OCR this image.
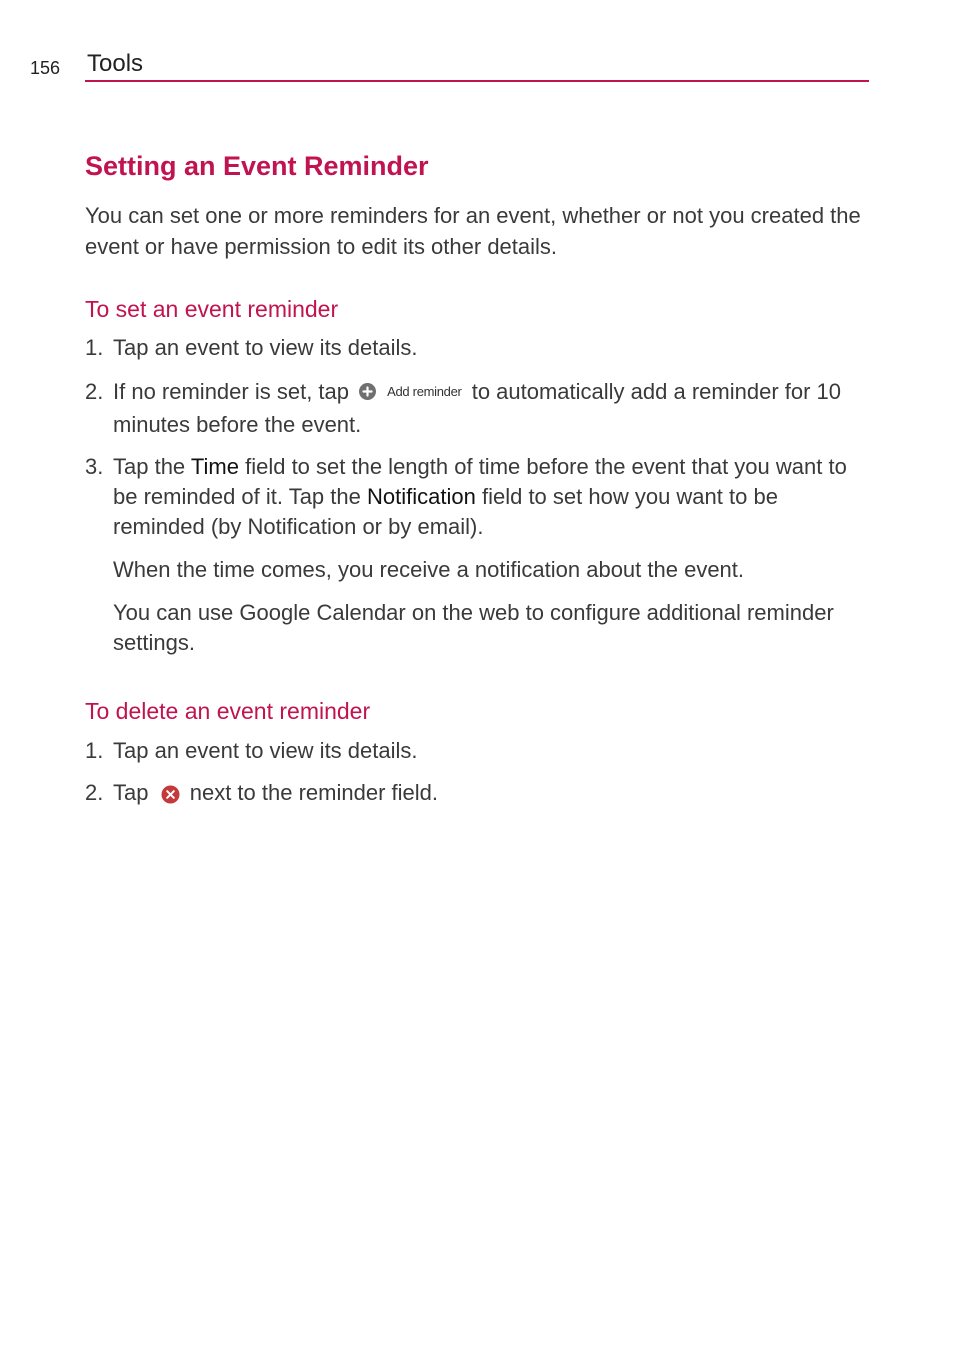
156 Tools
Setting an Event Reminder

You can set one or more reminders for an event, whether or not you created the event or have permission to edit its other details.

To set an event reminder
1. Tap an event to view its details.
2. If no reminder is set, tap	Add reminder to automatically add a reminder for 10 minutes before the event.
3. Tap the Time field to set the length of time before the event that you want to be reminded of it. Tap the Notification field to set how you want to be reminded (by Notification or by email).

When the time comes, you receive a notification about the event.

You can use Google Calendar on the web to configure additional reminder settings.

To delete an event reminder
1. Tap an event to view its details.
2. Tap next to the reminder field.
